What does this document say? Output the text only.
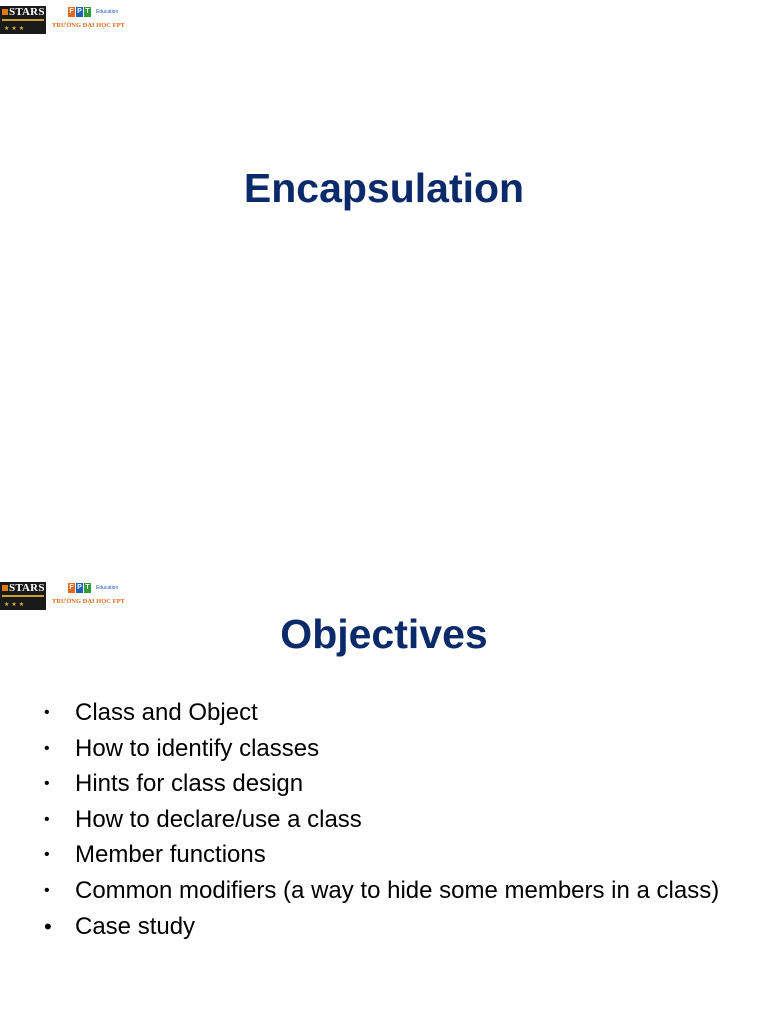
STARS
★★★
F P T Education
TRƯỜNG ĐẠI HỌC FPT
Encapsulation
STARS
★★★
F P T Education
TRƯỜNG ĐẠI HỌC FPT
Objectives
•	Class and Object
•	How to identify classes
•	Hints for class design
•	How to declare/use a class
•	Member functions
•	Common modifiers (a way to hide some members in a class)
• Case study
